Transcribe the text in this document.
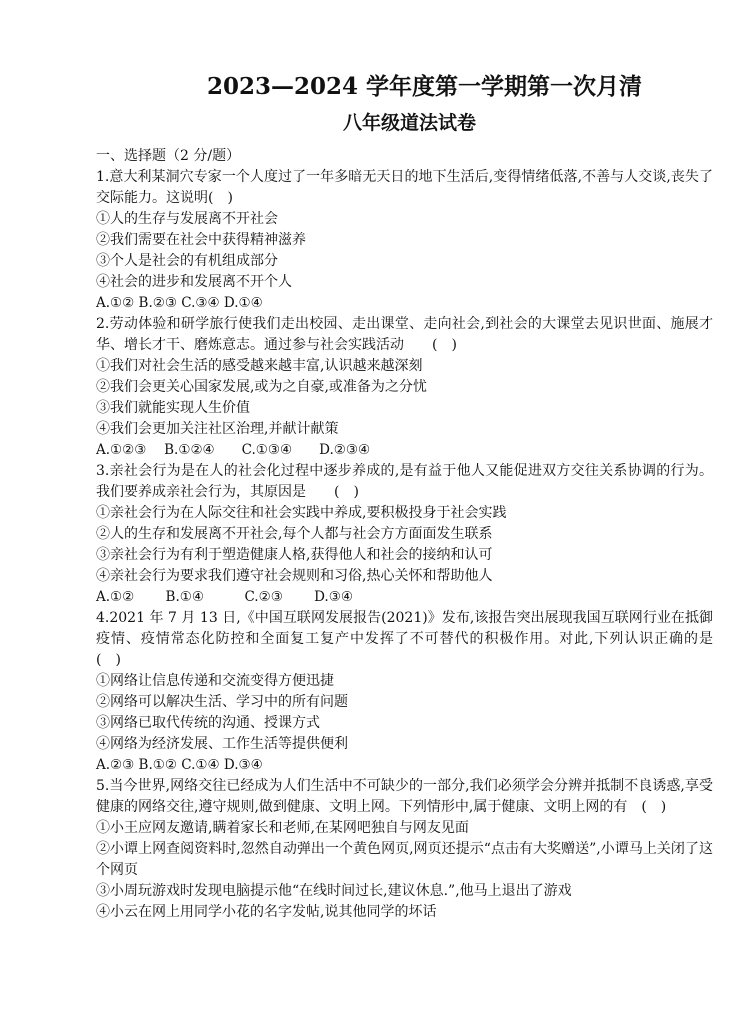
2023—2024 学年度第一学期第一次月清
八年级道法试卷
一、选择题（2 分/题）
1.意大利某洞穴专家一个人度过了一年多暗无天日的地下生活后,变得情绪低落,不善与人交谈,丧失了交际能力。这说明(　)
①人的生存与发展离不开社会
②我们需要在社会中获得精神滋养
③个人是社会的有机组成部分
④社会的进步和发展离不开个人
A.①② B.②③ C.③④ D.①④
2.劳动体验和研学旅行使我们走出校园、走出课堂、走向社会,到社会的大课堂去见识世面、施展才华、增长才干、磨炼意志。通过参与社会实践活动　　(　)
①我们对社会生活的感受越来越丰富,认识越来越深刻
②我们会更关心国家发展,或为之自豪,或准备为之分忧
③我们就能实现人生价值
④我们会更加关注社区治理,并献计献策
A.①②③　 B.①②④　　C.①③④　　D.②③④
3.亲社会行为是在人的社会化过程中逐步养成的,是有益于他人又能促进双方交往关系协调的行为。我们要养成亲社会行为，其原因是　　(　)
①亲社会行为在人际交往和社会实践中养成,要积极投身于社会实践
②人的生存和发展离不开社会,每个人都与社会方方面面发生联系
③亲社会行为有利于塑造健康人格,获得他人和社会的接纳和认可
④亲社会行为要求我们遵守社会规则和习俗,热心关怀和帮助他人
A.①②　　 B.①④　　　C.②③　　 D.③④
4.2021 年 7 月 13 日,《中国互联网发展报告(2021)》发布,该报告突出展现我国互联网行业在抵御疫情、疫情常态化防控和全面复工复产中发挥了不可替代的积极作用。对此,下列认识正确的是　(　)
①网络让信息传递和交流变得方便迅捷
②网络可以解决生活、学习中的所有问题
③网络已取代传统的沟通、授课方式
④网络为经济发展、工作生活等提供便利
A.②③ B.①② C.①④ D.③④
5.当今世界,网络交往已经成为人们生活中不可缺少的一部分,我们必须学会分辨并抵制不良诱惑,享受健康的网络交往,遵守规则,做到健康、文明上网。下列情形中,属于健康、文明上网的有　(　)
①小王应网友邀请,瞒着家长和老师,在某网吧独自与网友见面
②小谭上网查阅资料时,忽然自动弹出一个黄色网页,网页还提示“点击有大奖赠送”,小谭马上关闭了这个网页
③小周玩游戏时发现电脑提示他“在线时间过长,建议休息.”,他马上退出了游戏
④小云在网上用同学小花的名字发帖,说其他同学的坏话
